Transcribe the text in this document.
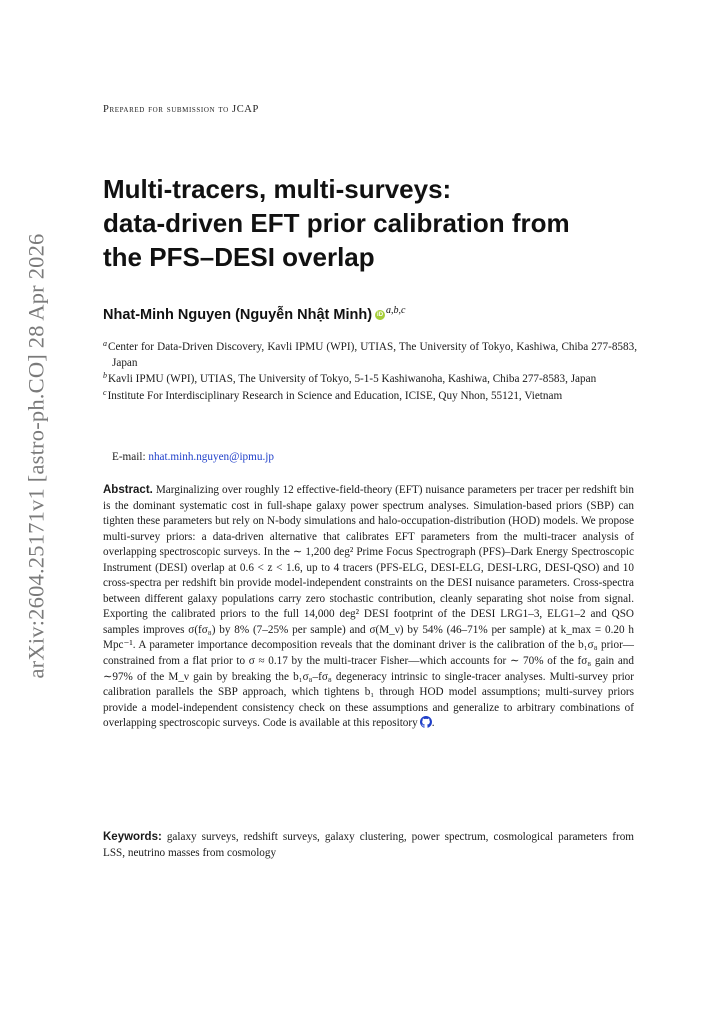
arXiv:2604.25171v1 [astro-ph.CO] 28 Apr 2026
Prepared for submission to JCAP
Multi-tracers, multi-surveys:
data-driven EFT prior calibration from
the PFS–DESI overlap
Nhat-Minh Nguyen (Nguyễn Nhật Minh) iD a,b,c
$^a$Center for Data-Driven Discovery, Kavli IPMU (WPI), UTIAS, The University of Tokyo, Kashiwa, Chiba 277-8583, Japan
$^b$Kavli IPMU (WPI), UTIAS, The University of Tokyo, 5-1-5 Kashiwanoha, Kashiwa, Chiba 277-8583, Japan
$^c$Institute For Interdisciplinary Research in Science and Education, ICISE, Quy Nhon, 55121, Vietnam
E-mail: nhat.minh.nguyen@ipmu.jp

Abstract. Marginalizing over roughly 12 effective-field-theory (EFT) nuisance parameters per tracer per redshift bin is the dominant systematic cost in full-shape galaxy power spectrum analyses. Simulation-based priors (SBP) can tighten these parameters but rely on N-body simulations and halo-occupation-distribution (HOD) models. We propose multi-survey priors: a data-driven alternative that calibrates EFT parameters from the multi-tracer analysis of overlapping spectroscopic surveys. In the ∼ 1,200 deg² Prime Focus Spectrograph (PFS)–Dark Energy Spectroscopic Instrument (DESI) overlap at 0.6 < z < 1.6, up to 4 tracers (PFS-ELG, DESI-ELG, DESI-LRG, DESI-QSO) and 10 cross-spectra per redshift bin provide model-independent constraints on the DESI nuisance parameters. Cross-spectra between different galaxy populations carry zero stochastic contribution, cleanly separating shot noise from signal. Exporting the calibrated priors to the full 14,000 deg² DESI footprint of the DESI LRG1–3, ELG1–2 and QSO samples improves σ(fσ₈) by 8% (7–25% per sample) and σ(M_ν) by 54% (46–71% per sample) at k_max = 0.20 h Mpc⁻¹. A parameter importance decomposition reveals that the dominant driver is the calibration of the b₁σ₈ prior—constrained from a flat prior to σ ≈ 0.17 by the multi-tracer Fisher—which accounts for ∼ 70% of the fσ₈ gain and ∼97% of the M_ν gain by breaking the b₁σ₈–fσ₈ degeneracy intrinsic to single-tracer analyses. Multi-survey prior calibration parallels the SBP approach, which tightens b₁ through HOD model assumptions; multi-survey priors provide a model-independent consistency check on these assumptions and generalize to arbitrary combinations of overlapping spectroscopic surveys. Code is available at this repository .

Keywords: galaxy surveys, redshift surveys, galaxy clustering, power spectrum, cosmological parameters from LSS, neutrino masses from cosmology
